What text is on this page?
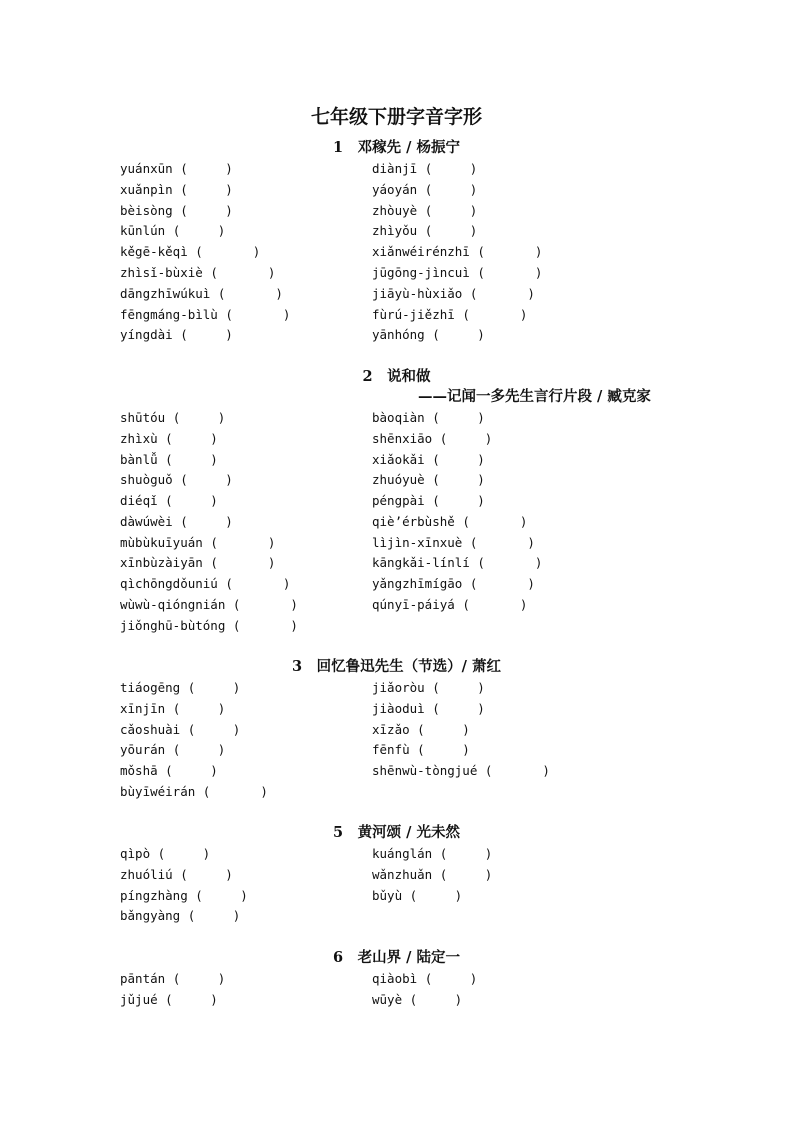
七年级下册字音字形
1　邓稼先 / 杨振宁
yuánxūn (　　　)
xuǎnpìn (　　　)
bèisòng (　　　)
kūnlún (　　　)
kěgē-kěqì (　　　　)
zhìsǐ-bùxiè (　　　　)
dāngzhīwúkuì (　　　　)
fēngmáng-bìlù (　　　　)
yíngdài (　　　)
diànjī (　　　)
yáoyán (　　　)
zhòuyè (　　　)
zhìyǒu (　　　)
xiǎnwéirénzhī (　　　　)
jūgōng-jìncuì (　　　　)
jiāyù-hùxiǎo (　　　　)
fùrú-jiězhī (　　　　)
yānhóng (　　　)
2　说和做
——记闻一多先生言行片段 / 臧克家
shūtóu (　　　)
zhìxù (　　　)
bànlǚ (　　　)
shuòguǒ (　　　)
diéqǐ (　　　)
dàwúwèi (　　　)
mùbùkuīyuán (　　　　)
xīnbùzàiyān (　　　　)
qìchōngdǒuniú (　　　　)
wùwù-qióngnián (　　　　)
jiǒnghū-bùtóng (　　　　)
bàoqiàn (　　　)
shēnxiāo (　　　)
xiǎokǎi (　　　)
zhuóyuè (　　　)
péngpài (　　　)
qiè’érbùshě (　　　　)
lìjìn-xīnxuè (　　　　)
kāngkǎi-línlí (　　　　)
yǎngzhīmígāo (　　　　)
qúnyī-páiyá (　　　　)
3　回忆鲁迅先生（节选）/ 萧红
tiáogēng (　　　)
xīnjīn (　　　)
cǎoshuài (　　　)
yōurán (　　　)
mǒshā (　　　)
bùyīwéirán (　　　　)
jiǎoròu (　　　)
jiàoduì (　　　)
xīzǎo (　　　)
fēnfù (　　　)
shēnwù-tòngjué (　　　　)
5　黄河颂 / 光未然
qìpò (　　　)
zhuóliú (　　　)
píngzhàng (　　　)
bǎngyàng (　　　)
kuánglán (　　　)
wǎnzhuǎn (　　　)
bǔyù (　　　)
6　老山界 / 陆定一
pāntán (　　　)
jǔjué (　　　)
qiàobì (　　　)
wūyè (　　　)
